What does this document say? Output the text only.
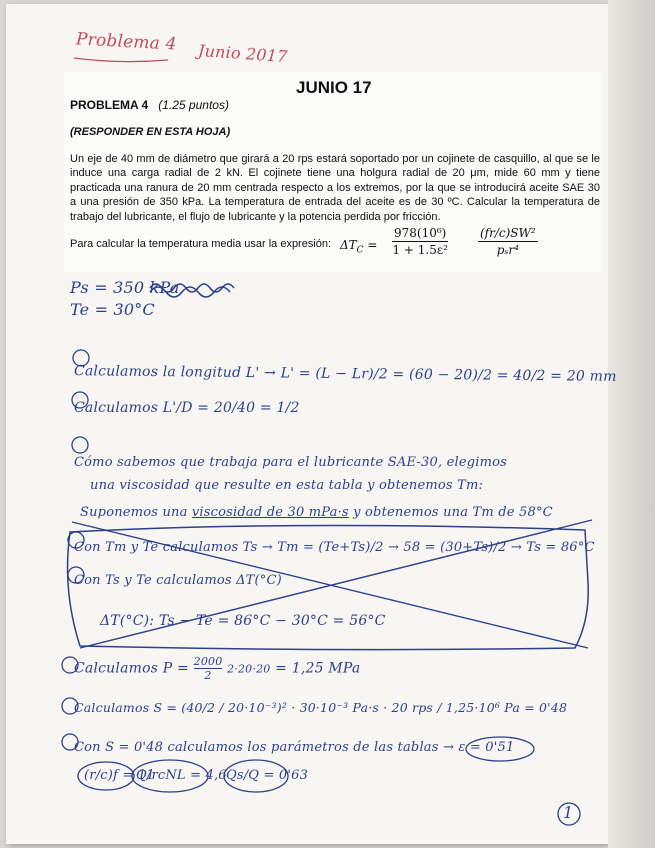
Problema 4 Junio 2017
JUNIO 17
PROBLEMA 4 (1.25 puntos)
(RESPONDER EN ESTA HOJA)

Un eje de 40 mm de diámetro que girará a 20 rps estará soportado por un cojinete de casquillo, al que se le induce una carga radial de 2 kN. El cojinete tiene una holgura radial de 20 μm, mide 60 mm y tiene practicada una ranura de 20 mm centrada respecto a los extremos, por la que se introducirá aceite SAE 30 a una presión de 350 kPa. La temperatura de entrada del aceite es de 30 ºC. Calcular la temperatura de trabajo del lubricante, el flujo de lubricante y la potencia perdida por fricción.

Para calcular la temperatura media usar la expresión: $\Delta T_C = \frac{\text{978(10⁶)}}{\text{1 + 1.5ε²}}$	(fr/c)SW²
pₛr⁴
Ps = 350 kPa
Te = 30°C
Calculamos la longitud L' → L' = (L − Lr)/2 = (60 − 20)/2 = 40/2 = 20 mm
Calculamos L'/D = 20/40 = 1/2
Cómo sabemos que trabaja para el lubricante SAE-30, elegimos
una viscosidad que resulte en esta tabla y obtenemos Tm:
Suponemos una viscosidad de 30 mPa·s y obtenemos una Tm de 58°C
Con Tm y Te calculamos Ts → Tm = (Te+Ts)/2 → 58 = (30+Ts)/2 → Ts = 86°C
Con Ts y Te calculamos ΔT(°C)
ΔT(°C): Ts − Te = 86°C − 30°C = 56°C
Calculamos $P = \frac{2000}{2} 2\cdot 20\cdot 20 = 1,25$ MPa
Calculamos S = (40/2 / 20·10⁻³)² · 30·10⁻³ Pa·s · 20 rps / 1,25·10⁶ Pa = 0'48
Con S = 0'48 calculamos los parámetros de las tablas → ε = 0'51
(r/c)f = 11
Q/rcNL = 4,6 Qs/Q = 0'63
1
